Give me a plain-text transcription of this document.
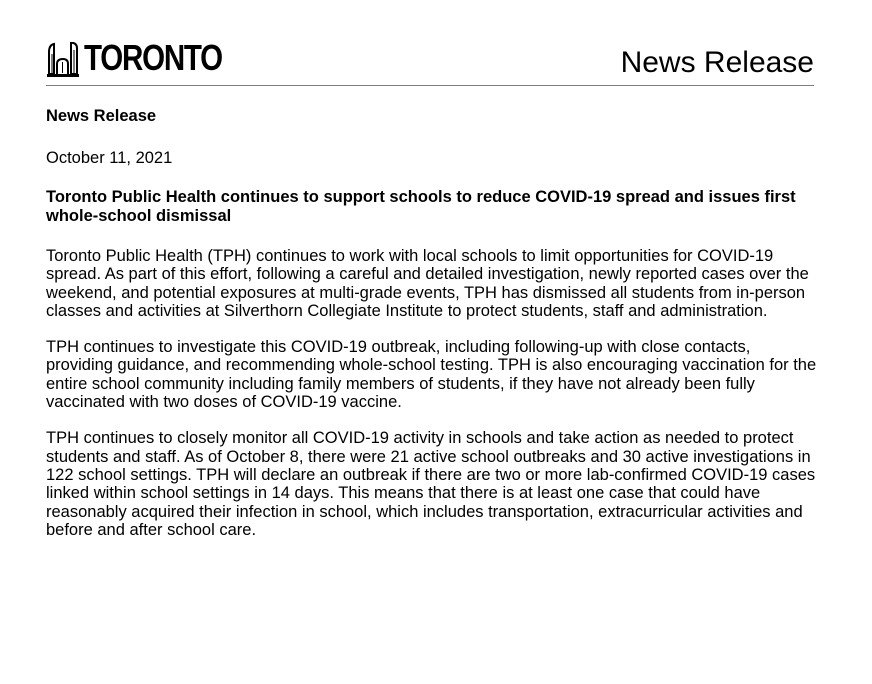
TORONTO	News Release

News Release

October 11, 2021

Toronto Public Health continues to support schools to reduce COVID-19 spread and issues first whole-school dismissal

Toronto Public Health (TPH) continues to work with local schools to limit opportunities for COVID-19 spread. As part of this effort, following a careful and detailed investigation, newly reported cases over the weekend, and potential exposures at multi-grade events, TPH has dismissed all students from in-person classes and activities at Silverthorn Collegiate Institute to protect students, staff and administration.

TPH continues to investigate this COVID-19 outbreak, including following-up with close contacts, providing guidance, and recommending whole-school testing. TPH is also encouraging vaccination for the entire school community including family members of students, if they have not already been fully vaccinated with two doses of COVID-19 vaccine.

TPH continues to closely monitor all COVID-19 activity in schools and take action as needed to protect students and staff. As of October 8, there were 21 active school outbreaks and 30 active investigations in 122 school settings. TPH will declare an outbreak if there are two or more lab-confirmed COVID-19 cases linked within school settings in 14 days. This means that there is at least one case that could have reasonably acquired their infection in school, which includes transportation, extracurricular activities and before and after school care.
